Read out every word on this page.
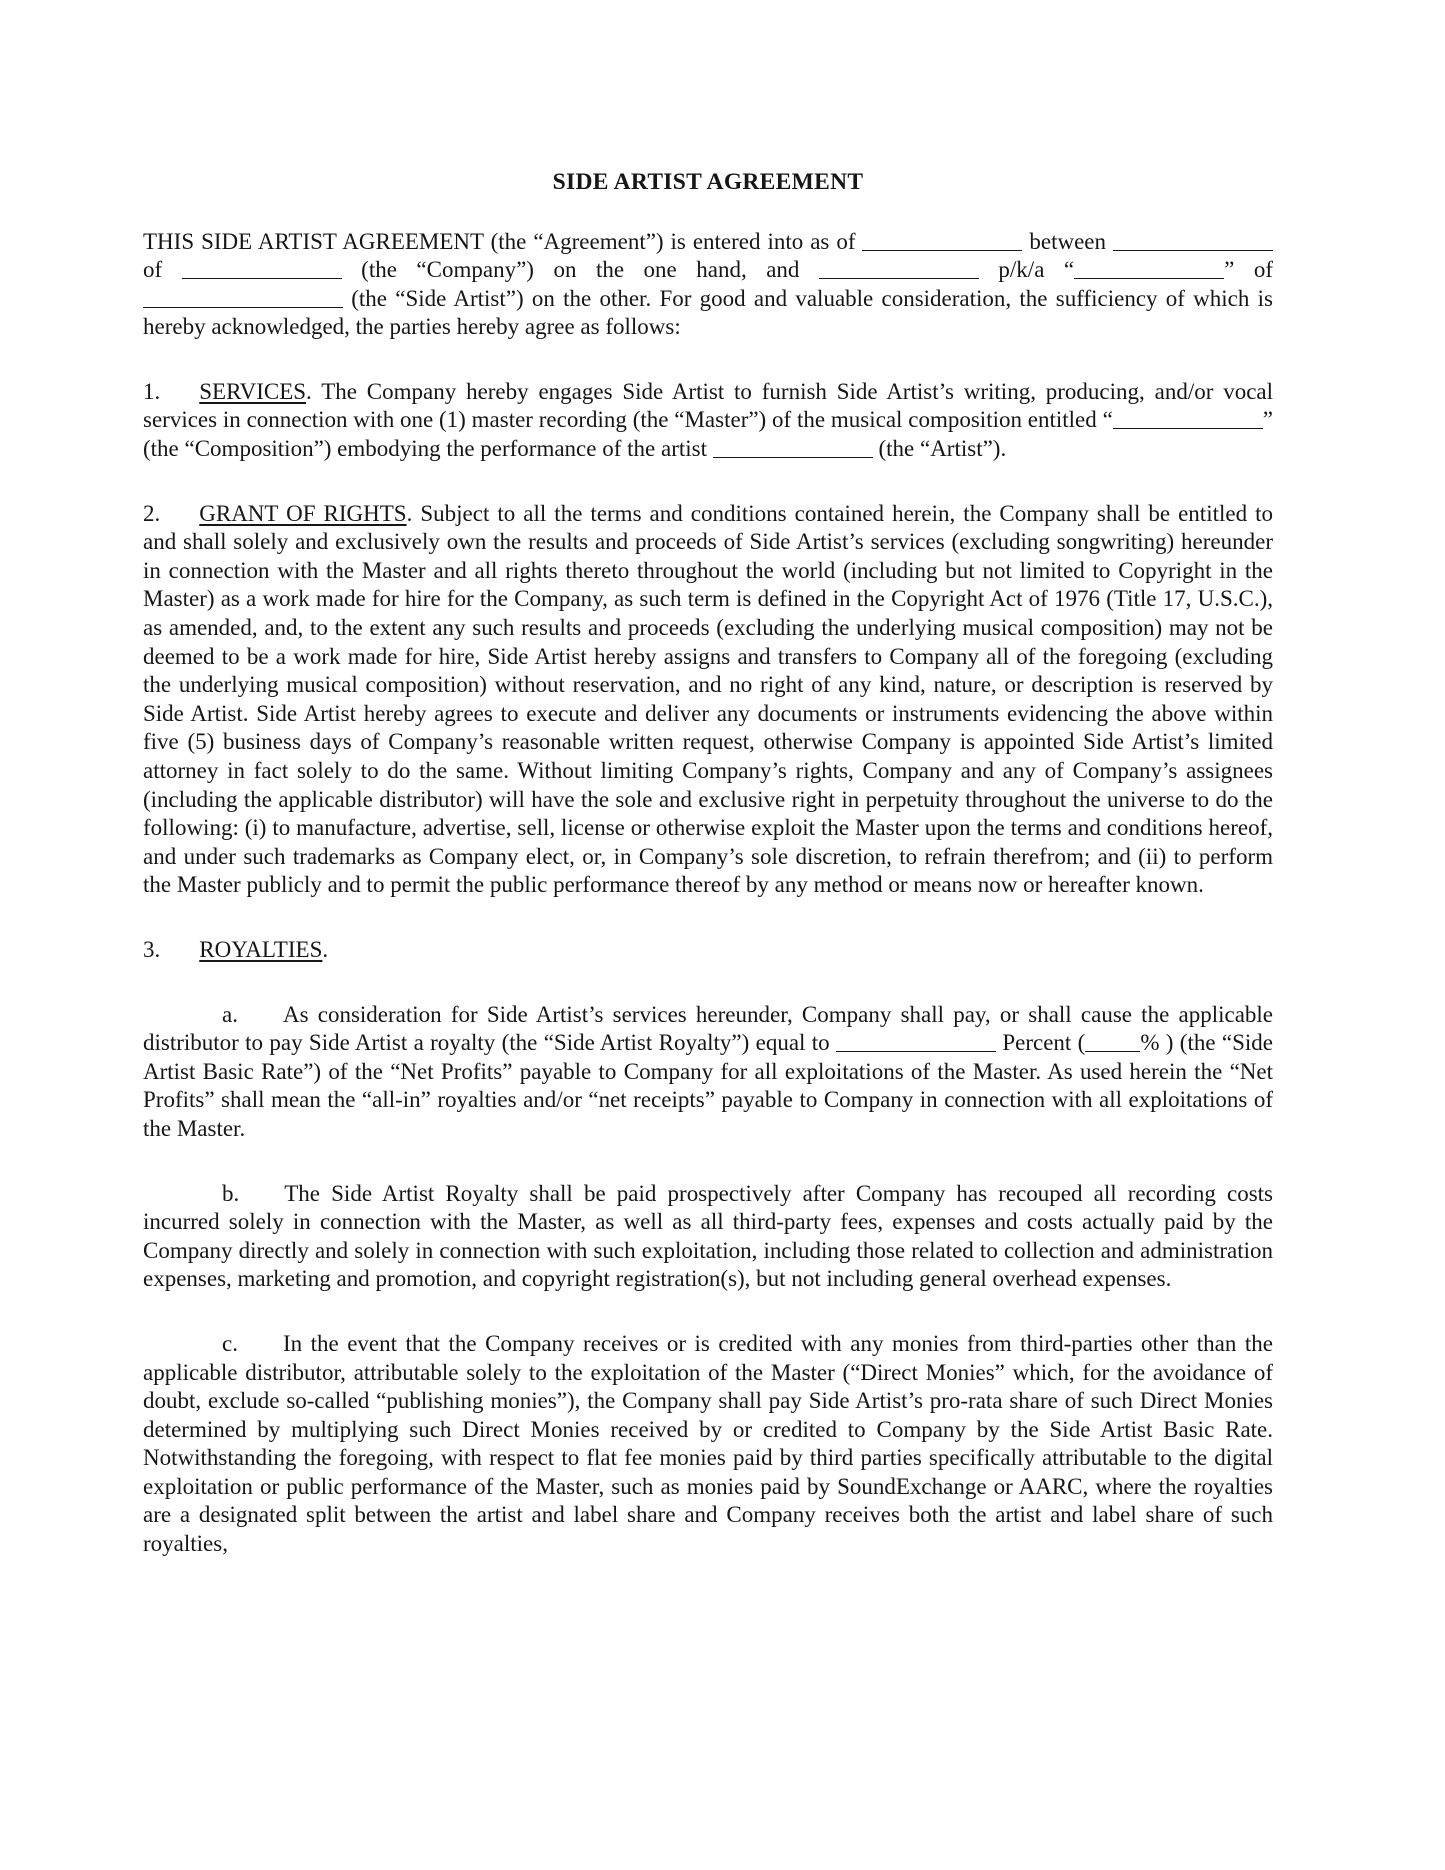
SIDE ARTIST AGREEMENT

THIS SIDE ARTIST AGREEMENT (the “Agreement”) is entered into as of	between  of	(the “Company”) on the one hand, and	p/k/a “	” of  (the “Side Artist”) on the other. For good and valuable consideration, the sufficiency of which is hereby acknowledged, the parties hereby agree as follows:

1. SERVICES. The Company hereby engages Side Artist to furnish Side Artist’s writing, producing, and/or vocal services in connection with one (1) master recording (the “Master”) of the musical composition entitled “	” (the “Composition”) embodying the performance of the artist	(the “Artist”).

2. GRANT OF RIGHTS. Subject to all the terms and conditions contained herein, the Company shall be entitled to and shall solely and exclusively own the results and proceeds of Side Artist’s services (excluding songwriting) hereunder in connection with the Master and all rights thereto throughout the world (including but not limited to Copyright in the Master) as a work made for hire for the Company, as such term is defined in the Copyright Act of 1976 (Title 17, U.S.C.), as amended, and, to the extent any such results and proceeds (excluding the underlying musical composition) may not be deemed to be a work made for hire, Side Artist hereby assigns and transfers to Company all of the foregoing (excluding the underlying musical composition) without reservation, and no right of any kind, nature, or description is reserved by Side Artist. Side Artist hereby agrees to execute and deliver any documents or instruments evidencing the above within five (5) business days of Company’s reasonable written request, otherwise Company is appointed Side Artist’s limited attorney in fact solely to do the same. Without limiting Company’s rights, Company and any of Company’s assignees (including the applicable distributor) will have the sole and exclusive right in perpetuity throughout the universe to do the following: (i) to manufacture, advertise, sell, license or otherwise exploit the Master upon the terms and conditions hereof, and under such trademarks as Company elect, or, in Company’s sole discretion, to refrain therefrom; and (ii) to perform the Master publicly and to permit the public performance thereof by any method or means now or hereafter known.

3. ROYALTIES.

a. As consideration for Side Artist’s services hereunder, Company shall pay, or shall cause the applicable distributor to pay Side Artist a royalty (the “Side Artist Royalty”) equal to	Percent ( % ) (the “Side Artist Basic Rate”) of the “Net Profits” payable to Company for all exploitations of the Master. As used herein the “Net Profits” shall mean the “all-in” royalties and/or “net receipts” payable to Company in connection with all exploitations of the Master.

b. The Side Artist Royalty shall be paid prospectively after Company has recouped all recording costs incurred solely in connection with the Master, as well as all third-party fees, expenses and costs actually paid by the Company directly and solely in connection with such exploitation, including those related to collection and administration expenses, marketing and promotion, and copyright registration(s), but not including general overhead expenses.

c. In the event that the Company receives or is credited with any monies from third-parties other than the applicable distributor, attributable solely to the exploitation of the Master (“Direct Monies” which, for the avoidance of doubt, exclude so-called “publishing monies”), the Company shall pay Side Artist’s pro-rata share of such Direct Monies determined by multiplying such Direct Monies received by or credited to Company by the Side Artist Basic Rate. Notwithstanding the foregoing, with respect to flat fee monies paid by third parties specifically attributable to the digital exploitation or public performance of the Master, such as monies paid by SoundExchange or AARC, where the royalties are a designated split between the artist and label share and Company receives both the artist and label share of such royalties,
